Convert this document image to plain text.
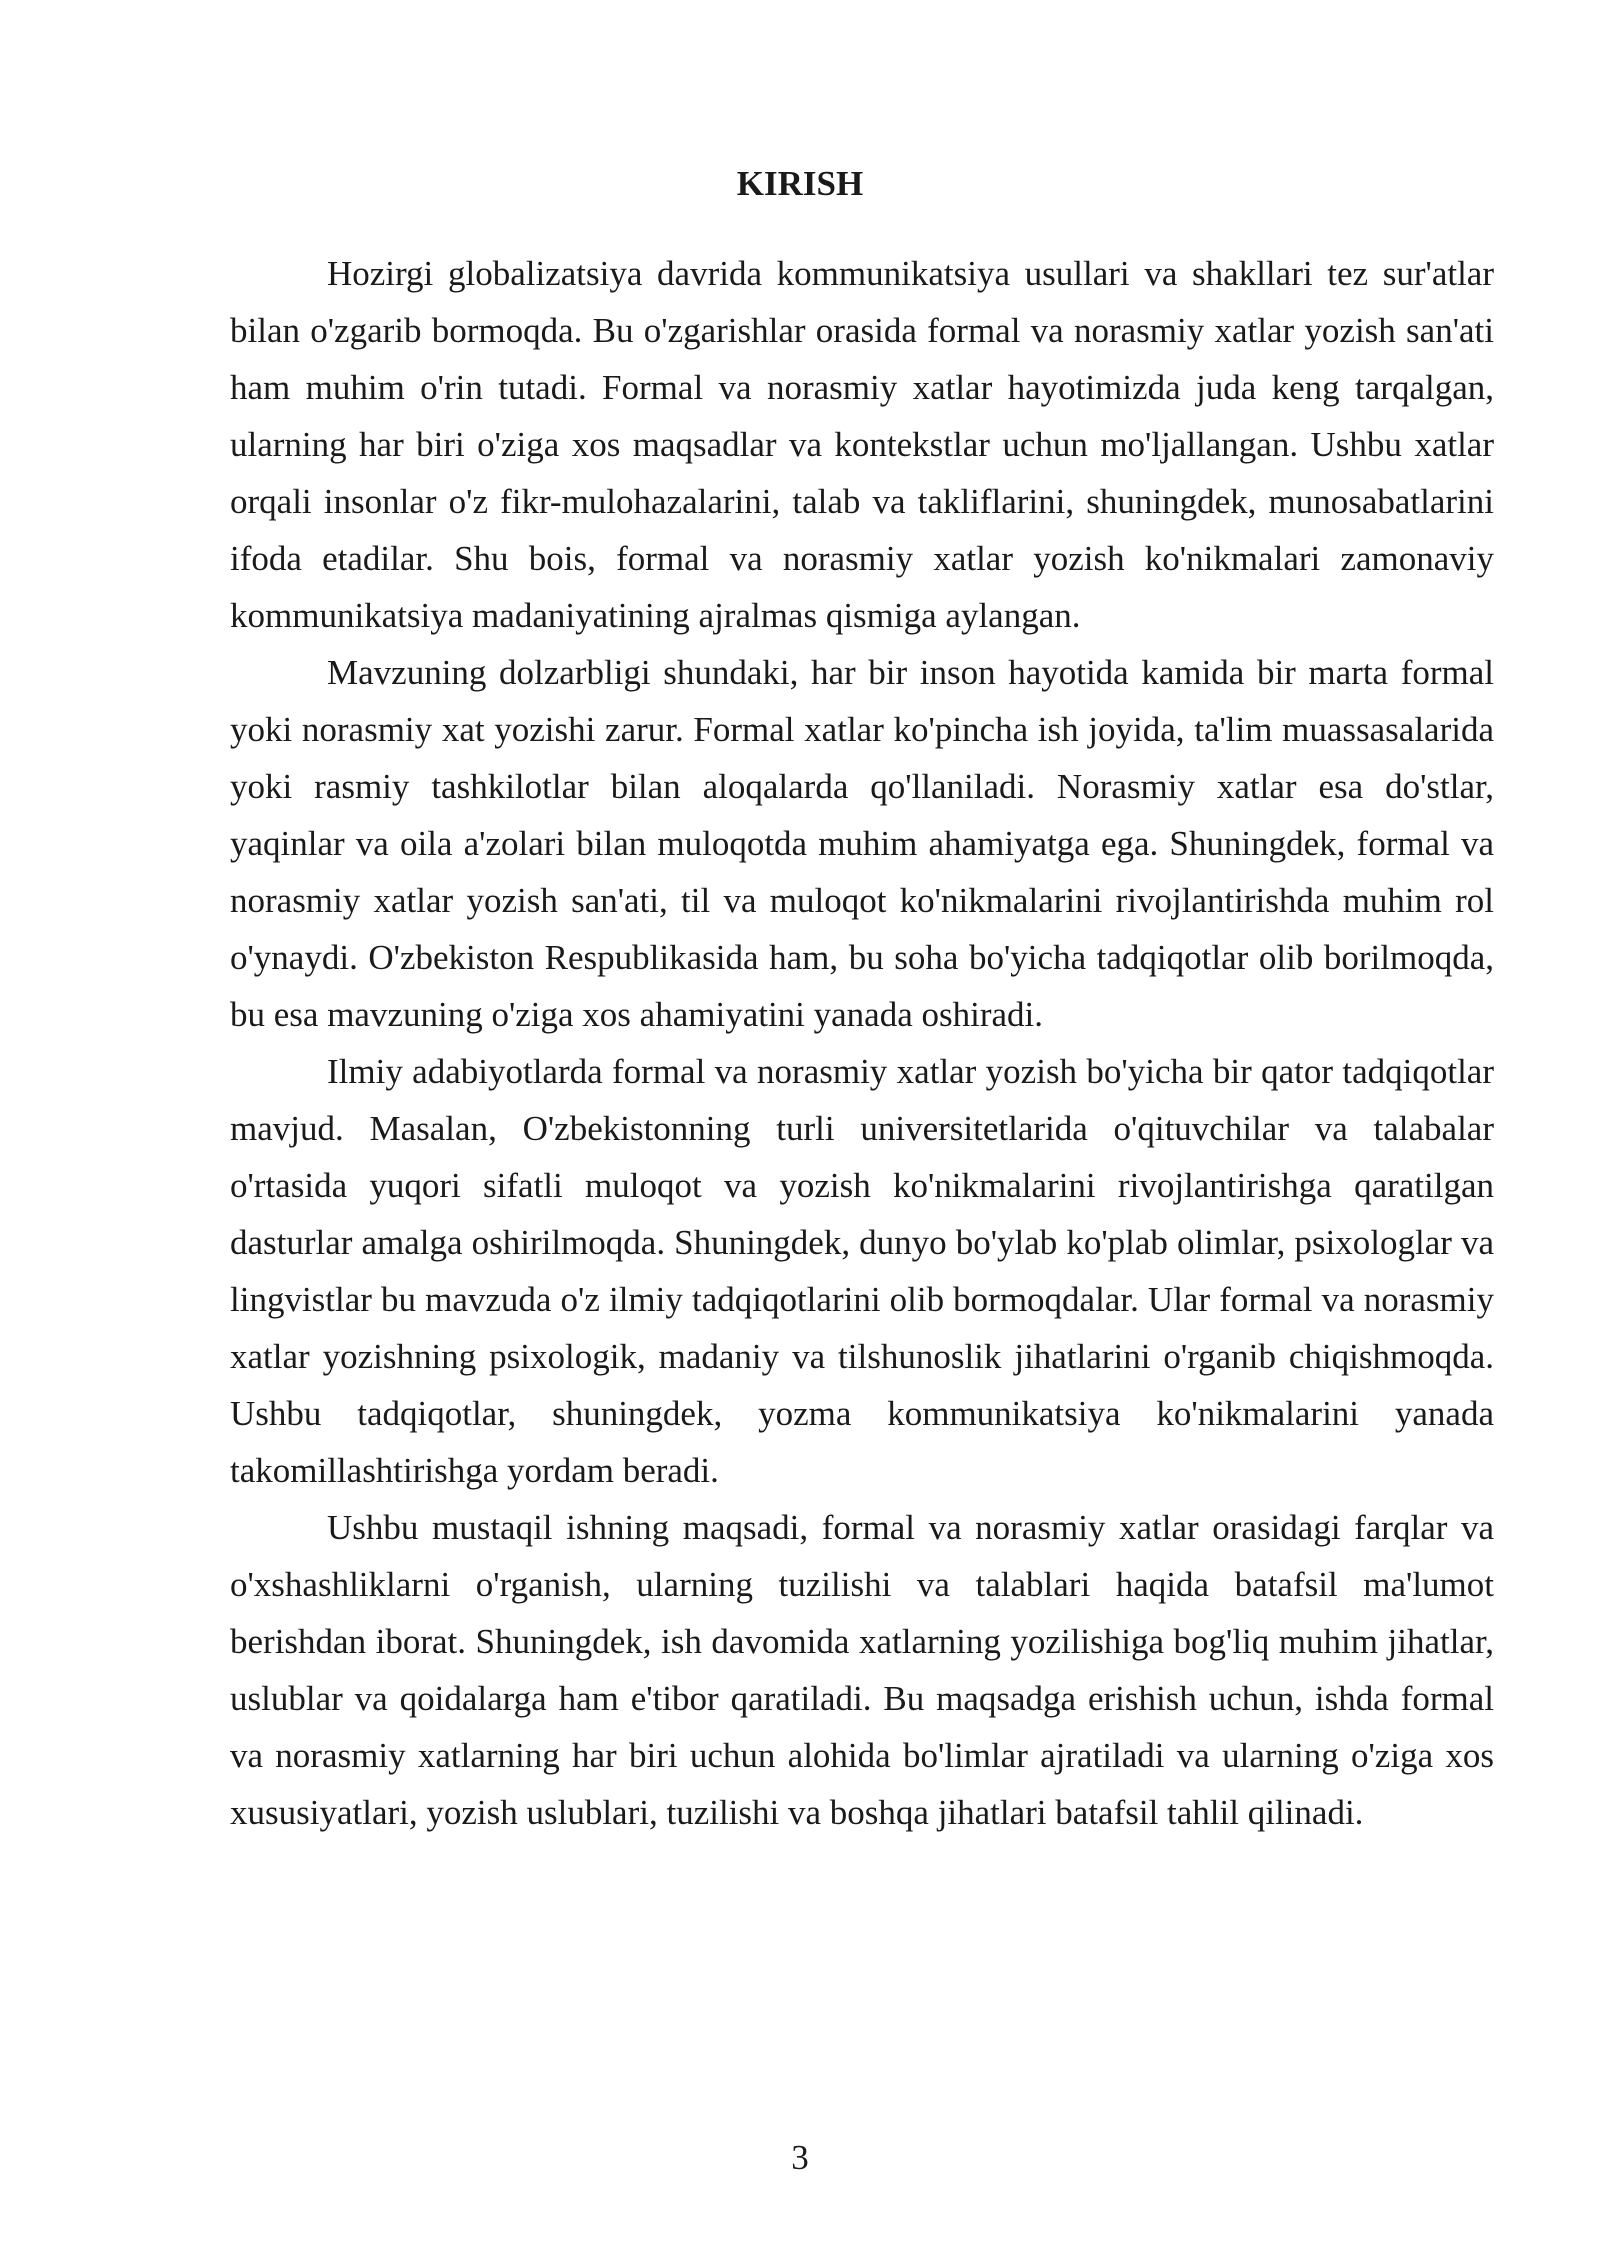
KIRISH

Hozirgi globalizatsiya davrida kommunikatsiya usullari va shakllari tez sur'atlar bilan o'zgarib bormoqda. Bu o'zgarishlar orasida formal va norasmiy xatlar yozish san'ati ham muhim o'rin tutadi. Formal va norasmiy xatlar hayotimizda juda keng tarqalgan, ularning har biri o'ziga xos maqsadlar va kontekstlar uchun mo'ljallangan. Ushbu xatlar orqali insonlar o'z fikr-mulohazalarini, talab va takliflarini, shuningdek, munosabatlarini ifoda etadilar. Shu bois, formal va norasmiy xatlar yozish ko'nikmalari zamonaviy kommunikatsiya madaniyatining ajralmas qismiga aylangan.

Mavzuning dolzarbligi shundaki, har bir inson hayotida kamida bir marta formal yoki norasmiy xat yozishi zarur. Formal xatlar ko'pincha ish joyida, ta'lim muassasalarida yoki rasmiy tashkilotlar bilan aloqalarda qo'llaniladi. Norasmiy xatlar esa do'stlar, yaqinlar va oila a'zolari bilan muloqotda muhim ahamiyatga ega. Shuningdek, formal va norasmiy xatlar yozish san'ati, til va muloqot ko'nikmalarini rivojlantirishda muhim rol o'ynaydi. O'zbekiston Respublikasida ham, bu soha bo'yicha tadqiqotlar olib borilmoqda, bu esa mavzuning o'ziga xos ahamiyatini yanada oshiradi.

Ilmiy adabiyotlarda formal va norasmiy xatlar yozish bo'yicha bir qator tadqiqotlar mavjud. Masalan, O'zbekistonning turli universitetlarida o'qituvchilar va talabalar o'rtasida yuqori sifatli muloqot va yozish ko'nikmalarini rivojlantirishga qaratilgan dasturlar amalga oshirilmoqda. Shuningdek, dunyo bo'ylab ko'plab olimlar, psixologlar va lingvistlar bu mavzuda o'z ilmiy tadqiqotlarini olib bormoqdalar. Ular formal va norasmiy xatlar yozishning psixologik, madaniy va tilshunoslik jihatlarini o'rganib chiqishmoqda. Ushbu tadqiqotlar, shuningdek, yozma kommunikatsiya ko'nikmalarini yanada takomillashtirishga yordam beradi.

Ushbu mustaqil ishning maqsadi, formal va norasmiy xatlar orasidagi farqlar va o'xshashliklarni o'rganish, ularning tuzilishi va talablari haqida batafsil ma'lumot berishdan iborat. Shuningdek, ish davomida xatlarning yozilishiga bog'liq muhim jihatlar, uslublar va qoidalarga ham e'tibor qaratiladi. Bu maqsadga erishish uchun, ishda formal va norasmiy xatlarning har biri uchun alohida bo'limlar ajratiladi va ularning o'ziga xos xususiyatlari, yozish uslublari, tuzilishi va boshqa jihatlari batafsil tahlil qilinadi.

3
